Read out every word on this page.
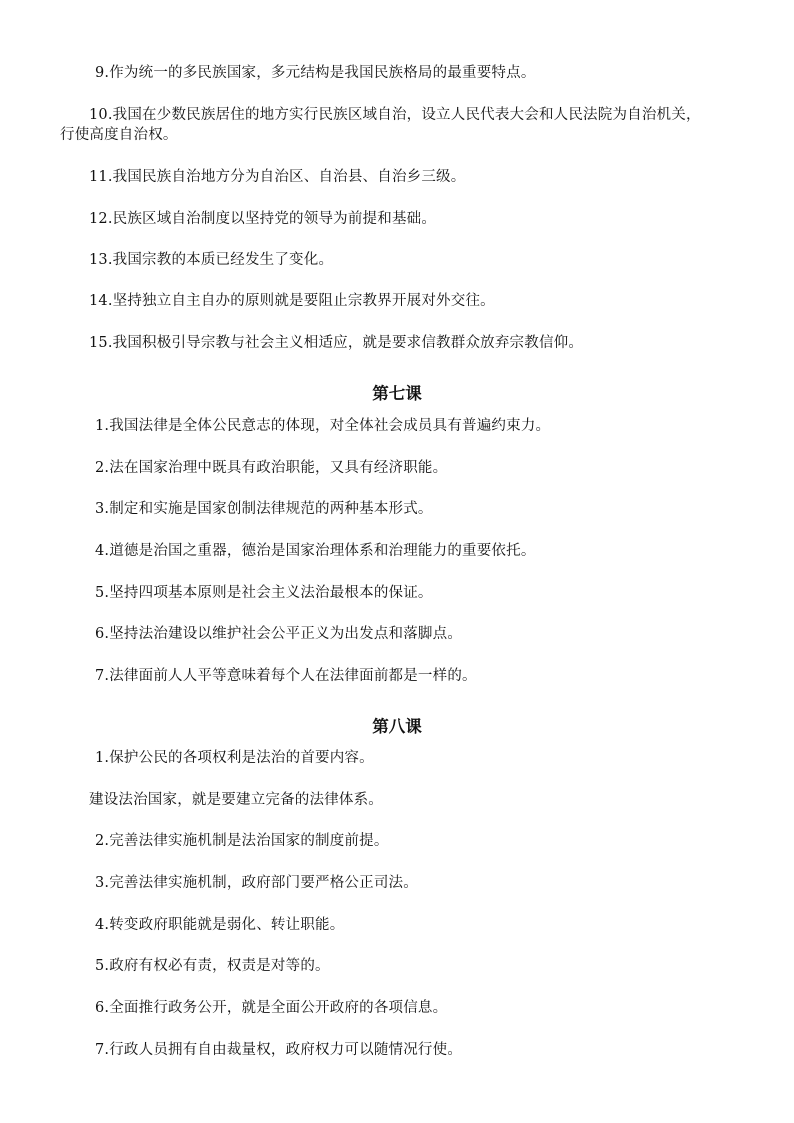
9.作为统一的多民族国家，多元结构是我国民族格局的最重要特点。
10.我国在少数民族居住的地方实行民族区域自治，设立人民代表大会和人民法院为自治机关，
行使高度自治权。
11.我国民族自治地方分为自治区、自治县、自治乡三级。
12.民族区域自治制度以坚持党的领导为前提和基础。
13.我国宗教的本质已经发生了变化。
14.坚持独立自主自办的原则就是要阻止宗教界开展对外交往。
15.我国积极引导宗教与社会主义相适应，就是要求信教群众放弃宗教信仰。
第七课
1.我国法律是全体公民意志的体现，对全体社会成员具有普遍约束力。
2.法在国家治理中既具有政治职能，又具有经济职能。
3.制定和实施是国家创制法律规范的两种基本形式。
4.道德是治国之重器，德治是国家治理体系和治理能力的重要依托。
5.坚持四项基本原则是社会主义法治最根本的保证。
6.坚持法治建设以维护社会公平正义为出发点和落脚点。
7.法律面前人人平等意味着每个人在法律面前都是一样的。
第八课
1.保护公民的各项权利是法治的首要内容。
建设法治国家，就是要建立完备的法律体系。
2.完善法律实施机制是法治国家的制度前提。
3.完善法律实施机制，政府部门要严格公正司法。
4.转变政府职能就是弱化、转让职能。
5.政府有权必有责，权责是对等的。
6.全面推行政务公开，就是全面公开政府的各项信息。
7.行政人员拥有自由裁量权，政府权力可以随情况行使。
